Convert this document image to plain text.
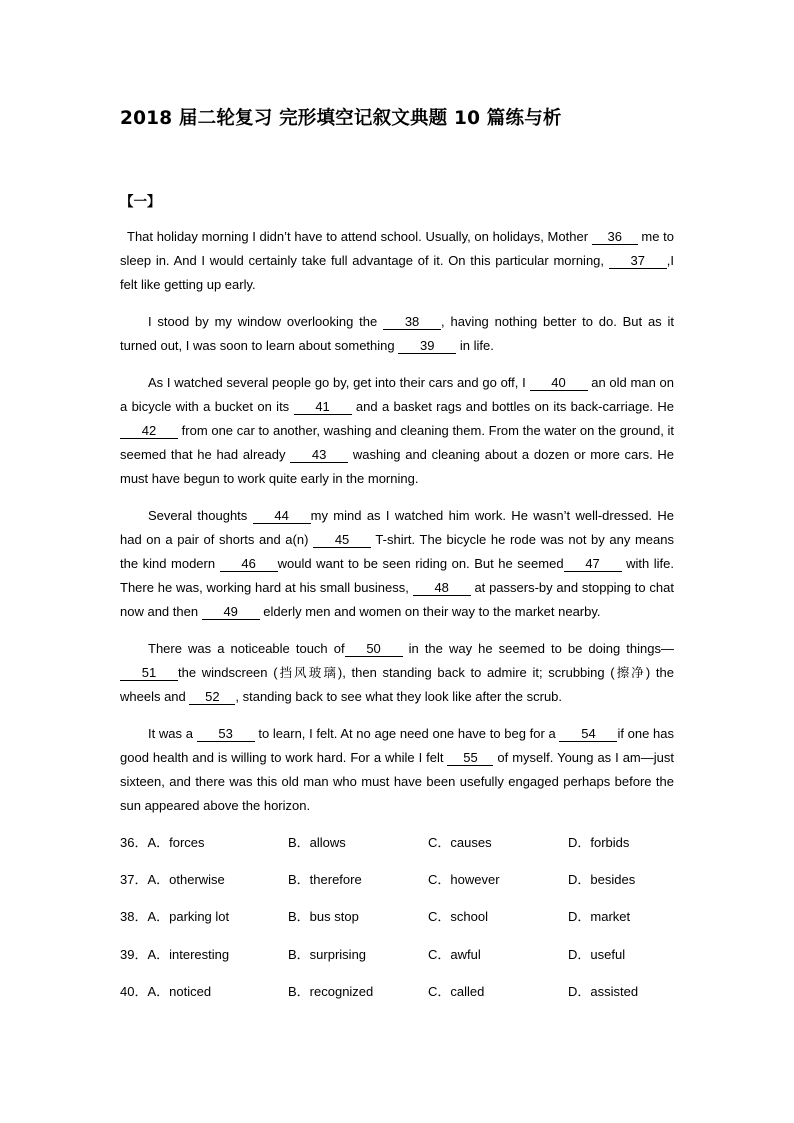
2018 届二轮复习 完形填空记叙文典题 10 篇练与析
【一】
That holiday morning I didn’t have to attend school. Usually, on holidays, Mother 36 me to sleep in. And I would certainly take full advantage of it. On this particular morning, 37 ,I felt like getting up early.
I stood by my window overlooking the 38 , having nothing better to do. But as it turned out, I was soon to learn about something 39 in life.
As I watched several people go by, get into their cars and go off, I 40 an old man on a bicycle with a bucket on its 41 and a basket rags and bottles on its back-carriage. He 42 from one car to another, washing and cleaning them. From the water on the ground, it seemed that he had already 43 washing and cleaning about a dozen or more cars. He must have begun to work quite early in the morning.
Several thoughts 44 my mind as I watched him work. He wasn’t well-dressed. He had on a pair of shorts and a(n) 45 T-shirt. The bicycle he rode was not by any means the kind modern 46 would want to be seen riding on. But he seemed 47 with life. There he was, working hard at his small business, 48 at passers-by and stopping to chat now and then 49 elderly men and women on their way to the market nearby.
There was a noticeable touch of 50 in the way he seemed to be doing things—51 the windscreen (挡风玻璃), then standing back to admire it; scrubbing (擦净) the wheels and 52 , standing back to see what they look like after the scrub.
It was a 53 to learn, I felt. At no age need one have to beg for a 54 if one has good health and is willing to work hard. For a while I felt 55 of myself. Young as I am—just sixteen, and there was this old man who must have been usefully engaged perhaps before the sun appeared above the horizon.
36．A．forces	B．allows	C．causes	D．forbids
37．A．otherwise	B．therefore	C．however	D．besides
38．A．parking lot	B．bus stop	C．school	D．market
39．A．interesting	B．surprising	C．awful	D．useful
40．A．noticed	B．recognized	C．called	D．assisted
